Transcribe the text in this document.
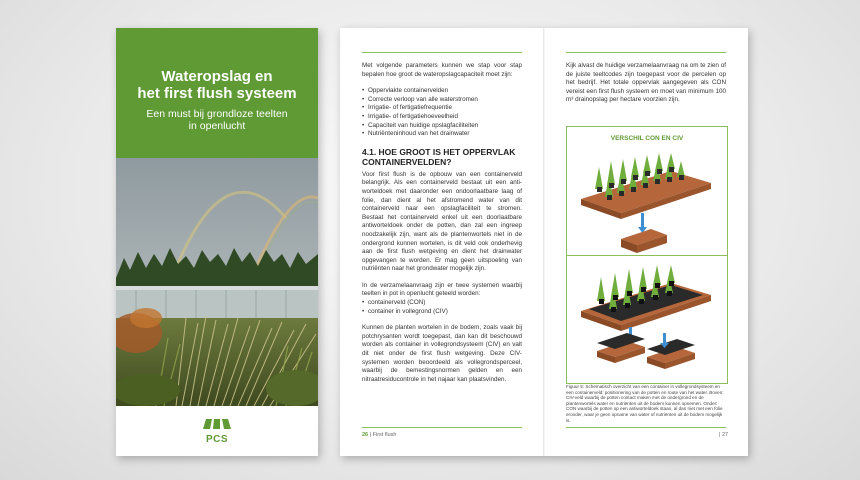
Wateropslag en
het first flush systeem
Een must bij grondloze teelten
in openlucht
PCS

Met volgende parameters kunnen we stap voor stap bepalen hoe groot de wateropslagcapaciteit moet zijn:

• Oppervlakte containervelden
• Correcte verloop van alle waterstromen
• Irrigatie- of fertigatiefrequentie
• Irrigatie- of fertigatiehoeveelheid
• Capaciteit van huidige opslagfaciliteiten
• Nutriënteninhoud van het drainwater
4.1. HOE GROOT IS HET OPPERVLAK CONTAINERVELDEN?

Voor first flush is de opbouw van een containerveld belangrijk. Als een containerveld bestaat uit een anti-worteldoek met daaronder een ondoorlaatbare laag of folie, dan dient al het afstromend water van dit containerveld naar een opslagfaciliteit te stromen. Bestaat het containerveld enkel uit een doorlaatbare antiworteldoek onder de potten, dan zal een ingreep noodzakelijk zijn, want als de plantenwortels niet in de ondergrond kunnen wortelen, is dit veld ook onderhevig aan de first flush wetgeving en dient het drainwater opgevangen te worden. Er mag geen uitspoeling van nutriënten naar het grondwater mogelijk zijn.

In de verzamelaanvraag zijn er twee systemen waarbij teelten in pot in openlucht geteeld worden:

• containerveld (CON)
• container in vollegrond (CIV)

Kunnen de planten wortelen in de bodem, zoals vaak bij potchrysanten wordt toegepast, dan kan dit beschouwd worden als container in vollegrondsysteem (CIV) en valt dit niet onder de first flush wetgeving. Deze CIV-systemen worden beoordeeld als vollegrondsperceel, waarbij de bemestingsnormen gelden en een nitraatresiducontrole in het najaar kan plaatsvinden.

26 | First flush

Kijk alvast de huidige verzamelaanvraag na om te zien of de juiste teeltcodes zijn toegepast voor de percelen op het bedrijf. Het totale oppervlak aangegeven als CON vereist een first flush systeem en moet van minimum 100 m³ drainopslag per hectare voorzien zijn.

VERSCHIL CON EN CIV
CIV
CON
Figuur 5: Schematisch overzicht van een container in vollegrondsysteem en een containerveld: positionering van de potten en route van het water. Boven: CIV-veld waarbij de potten contact maken met de ondergrond en de plantenwortels water en nutriënten uit de bodem kunnen opnemen. Onder: CON waarbij de potten op een antiworteldoek staan, al dan niet met een folie eronder, waar je geen opname van water of nutriënten uit de bodem mogelijk is.
| 27
